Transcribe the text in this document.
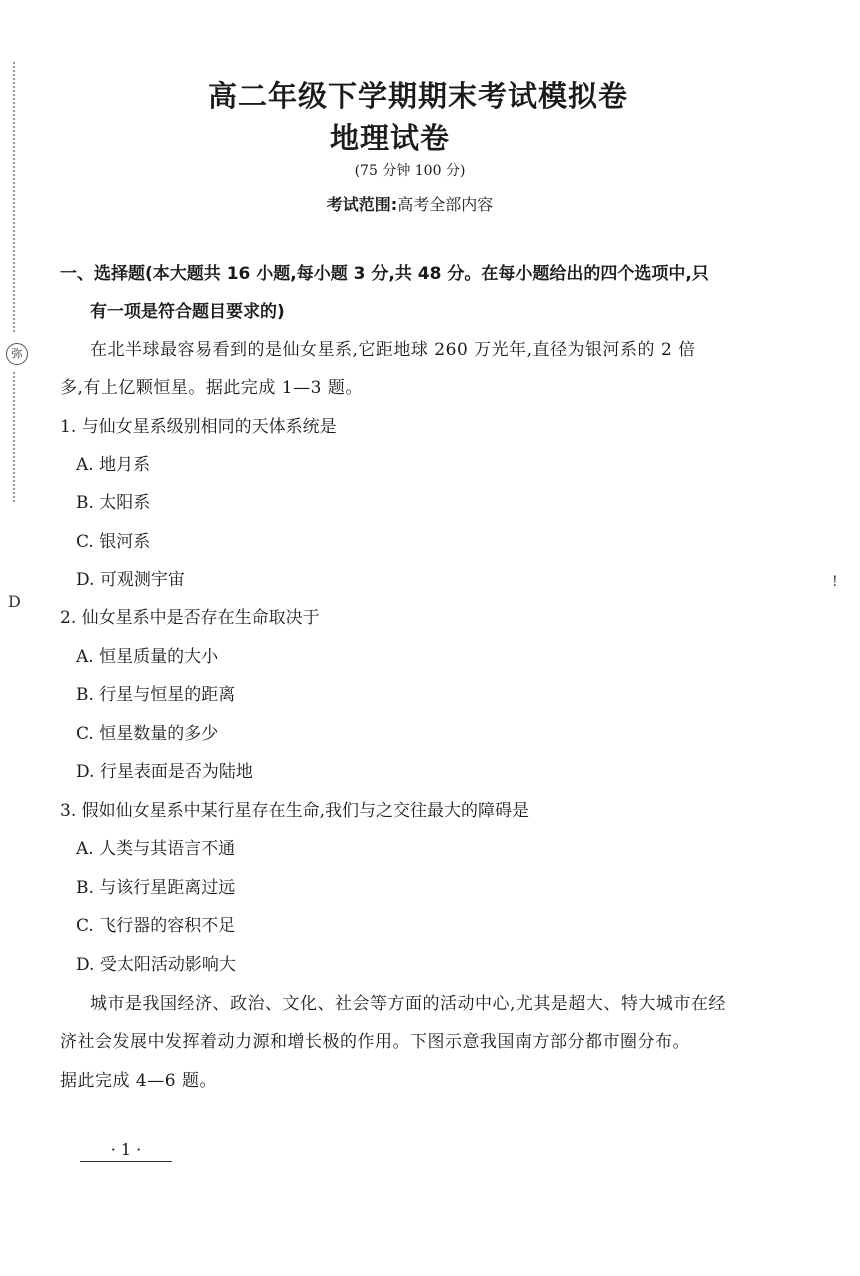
弥
D
!
高二年级下学期期末考试模拟卷
地理试卷
(75 分钟 100 分)
考试范围:高考全部内容
一、选择题(本大题共 16 小题,每小题 3 分,共 48 分。在每小题给出的四个选项中,只
有一项是符合题目要求的)
在北半球最容易看到的是仙女星系,它距地球 260 万光年,直径为银河系的 2 倍
多,有上亿颗恒星。据此完成 1—3 题。
1. 与仙女星系级别相同的天体系统是
A. 地月系
B. 太阳系
C. 银河系
D. 可观测宇宙
2. 仙女星系中是否存在生命取决于
A. 恒星质量的大小
B. 行星与恒星的距离
C. 恒星数量的多少
D. 行星表面是否为陆地
3. 假如仙女星系中某行星存在生命,我们与之交往最大的障碍是
A. 人类与其语言不通
B. 与该行星距离过远
C. 飞行器的容积不足
D. 受太阳活动影响大
城市是我国经济、政治、文化、社会等方面的活动中心,尤其是超大、特大城市在经
济社会发展中发挥着动力源和增长极的作用。下图示意我国南方部分都市圈分布。
据此完成 4—6 题。
· 1 ·
